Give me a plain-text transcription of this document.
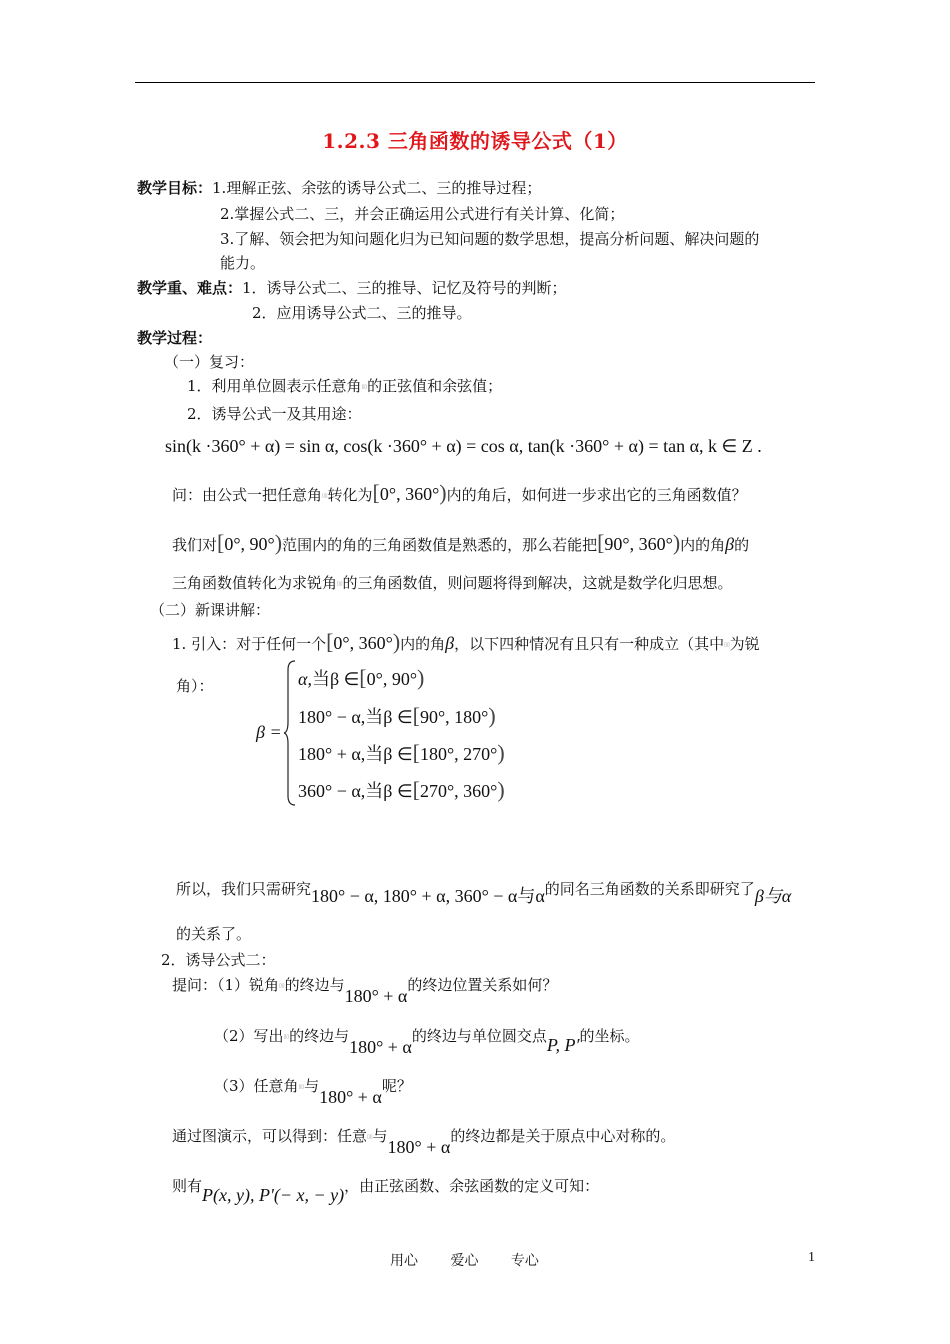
1.2.3 三角函数的诱导公式（1）
教学目标：1.理解正弦、余弦的诱导公式二、三的推导过程；
2.掌握公式二、三，并会正确运用公式进行有关计算、化简；
3.了解、领会把为知问题化归为已知问题的数学思想，提高分析问题、解决问题的
能力。
教学重、难点：1．诱导公式二、三的推导、记忆及符号的判断；
2．应用诱导公式二、三的推导。
教学过程：
（一）复习：
1．利用单位圆表示任意角▯▯的正弦值和余弦值；
2．诱导公式一及其用途：
sin(k ·360° + α) = sin α, cos(k ·360° + α) = cos α, tan(k ·360° + α) = tan α, k ∈ Z .
问：由公式一把任意角▯▯转化为[0°, 360°)内的角后，如何进一步求出它的三角函数值？
我们对[0°, 90°)范围内的角的三角函数值是熟悉的，那么若能把[90°, 360°)内的角β的
三角函数值转化为求锐角▯▯的三角函数值，则问题将得到解决，这就是数学化归思想。
（二）新课讲解：
1. 引入：对于任何一个[0°, 360°)内的角β，以下四种情况有且只有一种成立（其中▯▯为锐
角）：
β =
α,当β ∈[0°, 90°)
180° − α,当β ∈[90°, 180°)
180° + α,当β ∈[180°, 270°)
360° − α,当β ∈[270°, 360°)
所以，我们只需研究180° − α, 180° + α, 360° − α与α的同名三角函数的关系即研究了β与α
的关系了。
2．诱导公式二：
提问：（1）锐角▯▯的终边与180° + α的终边位置关系如何？
（2）写出▯▯的终边与180° + α的终边与单位圆交点P, P′的坐标。
（3）任意角▯▯与180° + α呢？
通过图演示，可以得到：任意▯▯与180° + α的终边都是关于原点中心对称的。
则有P(x, y), P′(− x, − y)，由正弦函数、余弦函数的定义可知：
用心 爱心 专心	1
